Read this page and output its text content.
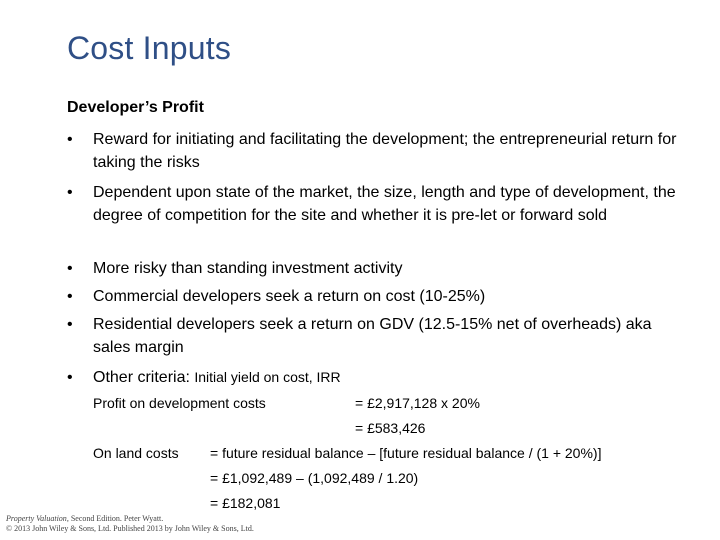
Cost Inputs
Developer’s Profit
•	Reward for initiating and facilitating the development; the entrepreneurial return for taking the risks
•	Dependent upon state of the market, the size, length and type of development, the degree of competition for the site and whether it is pre-let or forward sold
•	More risky than standing investment activity
•	Commercial developers seek a return on cost (10-25%)
•	Residential developers seek a return on GDV (12.5-15% net of overheads) aka sales margin
•	Other criteria: Initial yield on cost, IRR
Profit on development costs	= £2,917,128 x 20%
= £583,426
On land costs = future residual balance – [future residual balance / (1 + 20%)]
= £1,092,489 – (1,092,489 / 1.20)
= £182,081
Property Valuation, Second Edition. Peter Wyatt.
© 2013 John Wiley & Sons, Ltd. Published 2013 by John Wiley & Sons, Ltd.
